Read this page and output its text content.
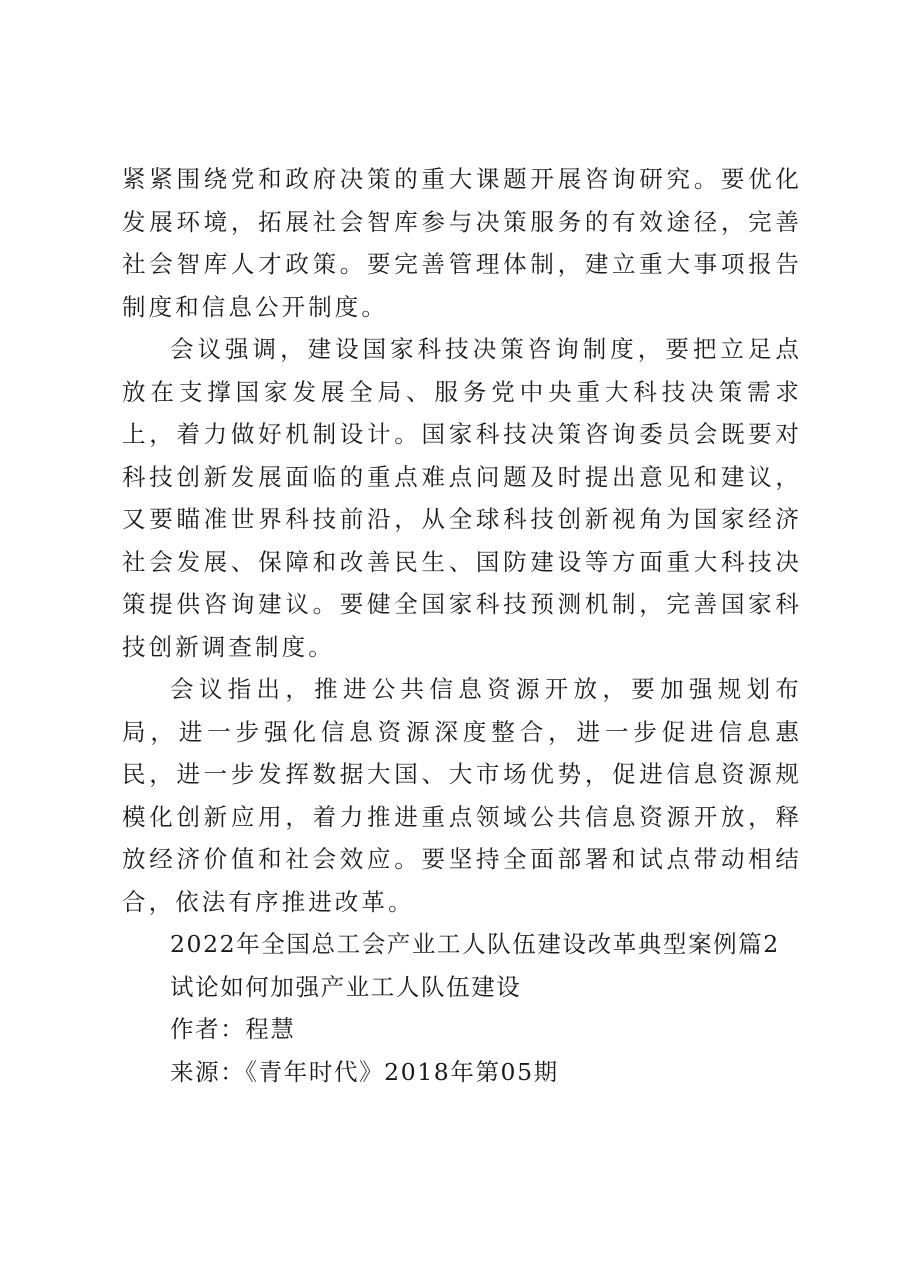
紧紧围绕党和政府决策的重大课题开展咨询研究。要优化发展环境，拓展社会智库参与决策服务的有效途径，完善社会智库人才政策。要完善管理体制，建立重大事项报告制度和信息公开制度。

会议强调，建设国家科技决策咨询制度，要把立足点放在支撑国家发展全局、服务党中央重大科技决策需求上，着力做好机制设计。国家科技决策咨询委员会既要对科技创新发展面临的重点难点问题及时提出意见和建议，又要瞄准世界科技前沿，从全球科技创新视角为国家经济社会发展、保障和改善民生、国防建设等方面重大科技决策提供咨询建议。要健全国家科技预测机制，完善国家科技创新调查制度。

会议指出，推进公共信息资源开放，要加强规划布局，进一步强化信息资源深度整合，进一步促进信息惠民，进一步发挥数据大国、大市场优势，促进信息资源规模化创新应用，着力推进重点领域公共信息资源开放，释放经济价值和社会效应。要坚持全面部署和试点带动相结合，依法有序推进改革。

2022年全国总工会产业工人队伍建设改革典型案例篇2

试论如何加强产业工人队伍建设

作者：程慧

来源：《青年时代》2018年第05期
